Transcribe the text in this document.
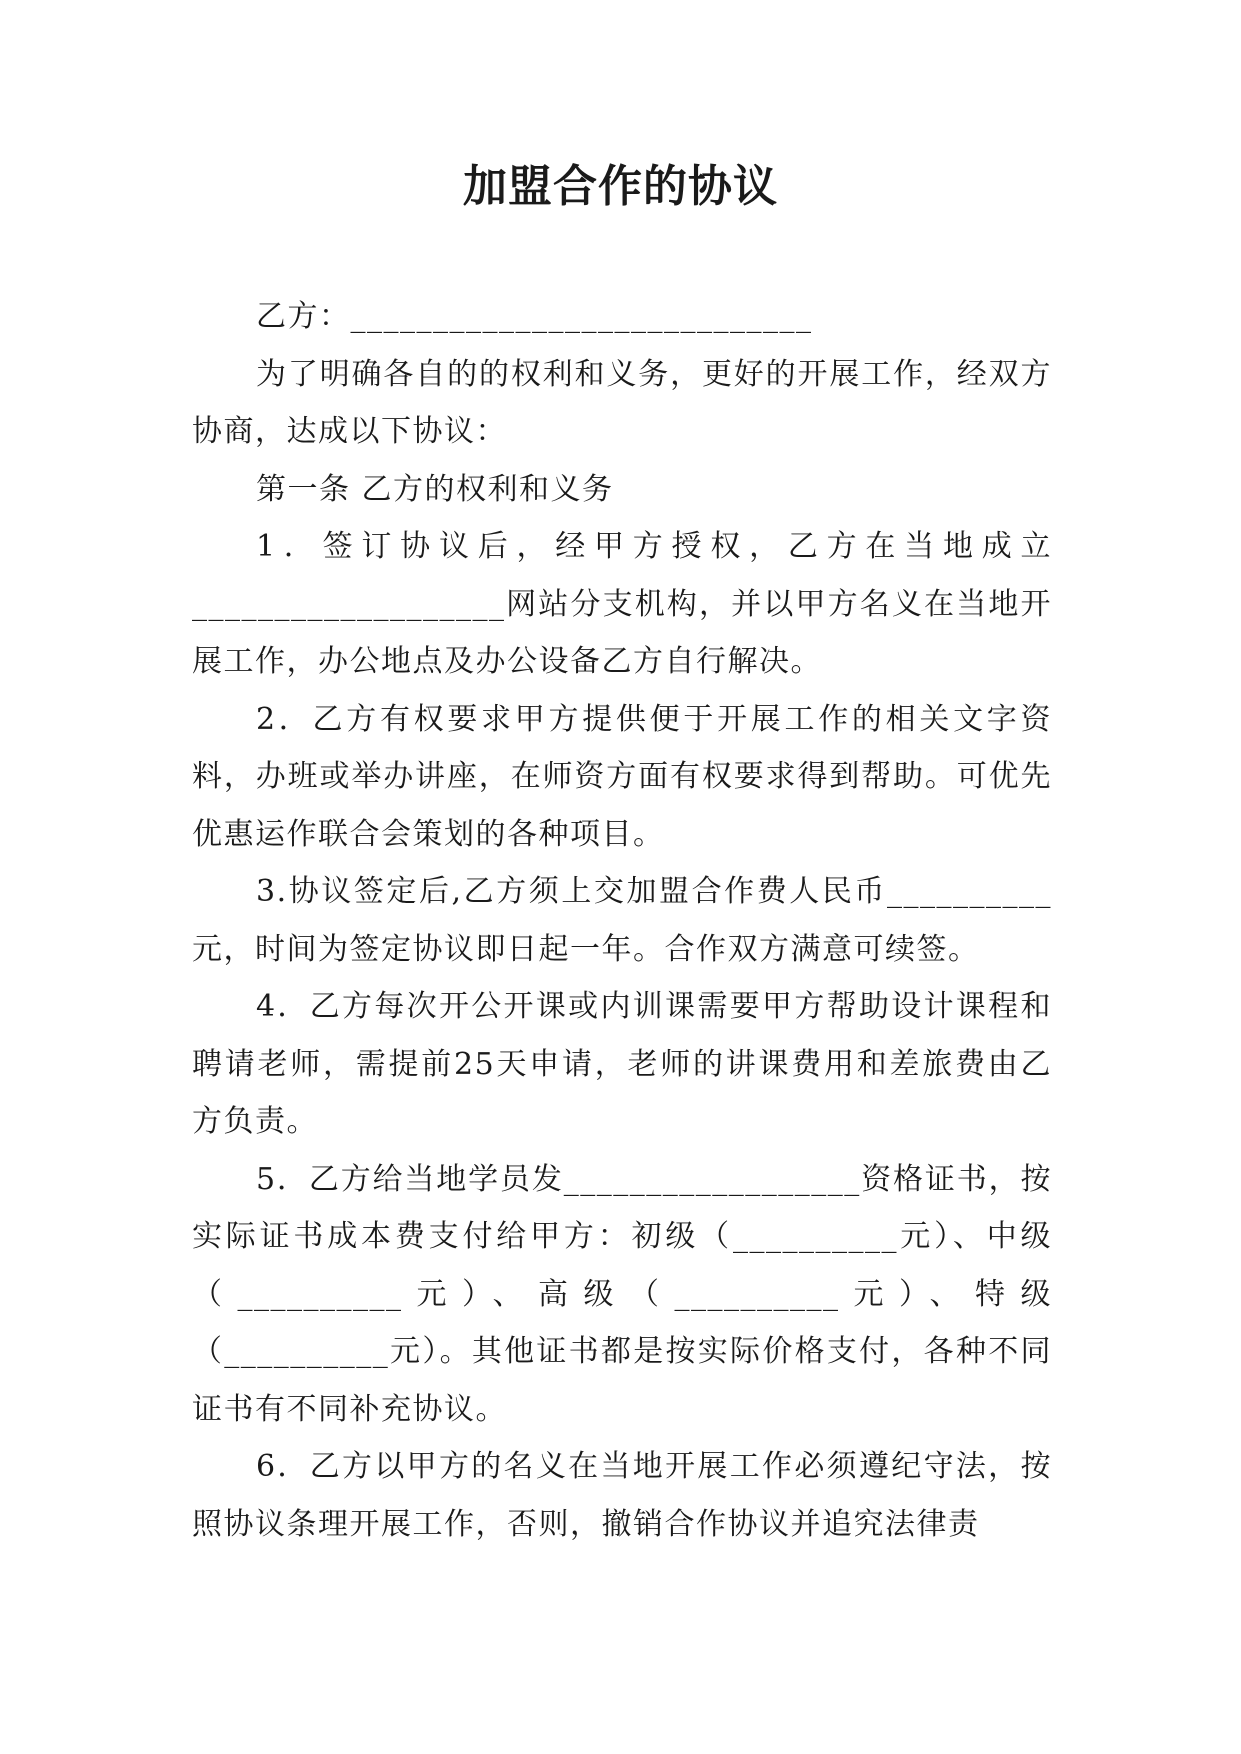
加盟合作的协议

乙方：____________________________

为了明确各自的的权利和义务，更好的开展工作，经双方协商，达成以下协议：

第一条 乙方的权利和义务

1．签订协议后，经甲方授权，乙方在当地成立___________________网站分支机构，并以甲方名义在当地开展工作，办公地点及办公设备乙方自行解决。

2．乙方有权要求甲方提供便于开展工作的相关文字资料，办班或举办讲座，在师资方面有权要求得到帮助。可优先优惠运作联合会策划的各种项目。

3.协议签定后,乙方须上交加盟合作费人民币__________元，时间为签定协议即日起一年。合作双方满意可续签。

4．乙方每次开公开课或内训课需要甲方帮助设计课程和聘请老师，需提前25天申请，老师的讲课费用和差旅费由乙方负责。

5．乙方给当地学员发__________________资格证书，按实际证书成本费支付给甲方：初级（__________元）、中级（__________元）、高级（__________元）、特级（__________元）。其他证书都是按实际价格支付，各种不同证书有不同补充协议。

6．乙方以甲方的名义在当地开展工作必须遵纪守法，按照协议条理开展工作，否则，撤销合作协议并追究法律责
